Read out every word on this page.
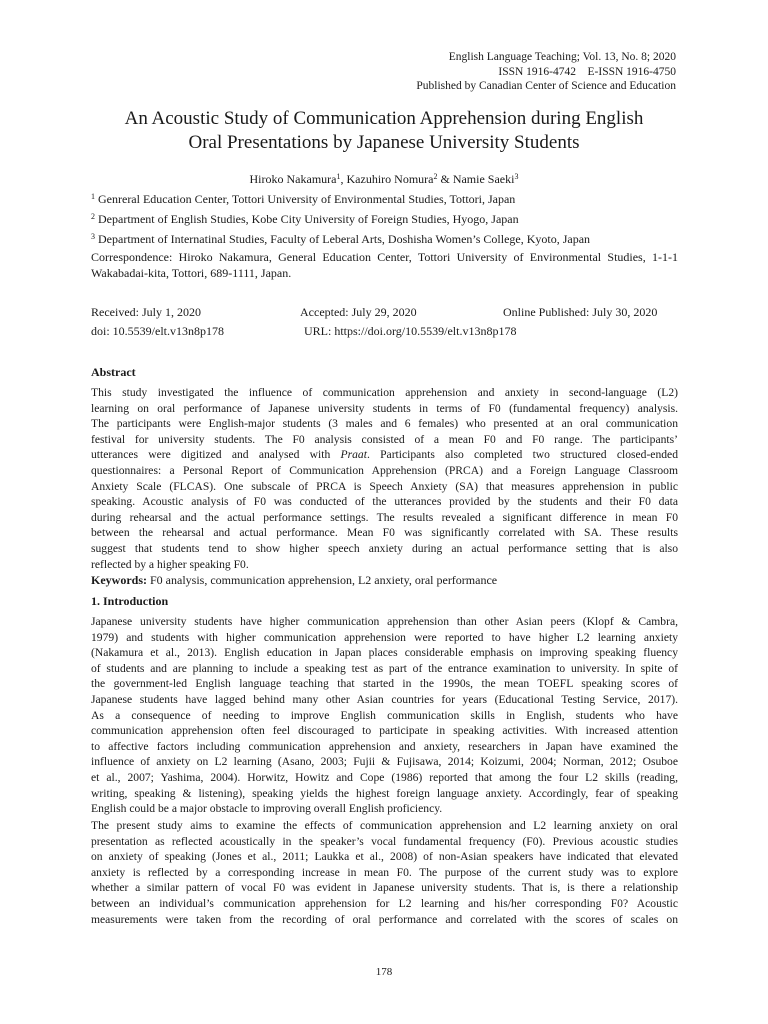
English Language Teaching; Vol. 13, No. 8; 2020
ISSN 1916-4742    E-ISSN 1916-4750
Published by Canadian Center of Science and Education
An Acoustic Study of Communication Apprehension during English
Oral Presentations by Japanese University Students
Hiroko Nakamura$^1$, Kazuhiro Nomura$^2$ & Namie Saeki$^3$
$^1$ Genreral Education Center, Tottori University of Environmental Studies, Tottori, Japan
$^2$ Department of English Studies, Kobe City University of Foreign Studies, Hyogo, Japan
$^3$ Department of Internatinal Studies, Faculty of Leberal Arts, Doshisha Women’s College, Kyoto, Japan
Correspondence: Hiroko Nakamura, General Education Center, Tottori University of Environmental Studies, 1-1-1 Wakabadai-kita, Tottori, 689-1111, Japan.
Received: July 1, 2020	Accepted: July 29, 2020	Online Published: July 30, 2020
doi: 10.5539/elt.v13n8p178	URL: https://doi.org/10.5539/elt.v13n8p178
Abstract
This study investigated the influence of communication apprehension and anxiety in second-language (L2)
learning on oral performance of Japanese university students in terms of F0 (fundamental frequency) analysis.
The participants were English-major students (3 males and 6 females) who presented at an oral communication
festival for university students. The F0 analysis consisted of a mean F0 and F0 range. The participants’
utterances were digitized and analysed with Praat. Participants also completed two structured closed-ended
questionnaires: a Personal Report of Communication Apprehension (PRCA) and a Foreign Language Classroom
Anxiety Scale (FLCAS). One subscale of PRCA is Speech Anxiety (SA) that measures apprehension in public
speaking. Acoustic analysis of F0 was conducted of the utterances provided by the students and their F0 data
during rehearsal and the actual performance settings. The results revealed a significant difference in mean F0
between the rehearsal and actual performance. Mean F0 was significantly correlated with SA. These results
suggest that students tend to show higher speech anxiety during an actual performance setting that is also
reflected by a higher speaking F0.
Keywords: F0 analysis, communication apprehension, L2 anxiety, oral performance
1. Introduction
Japanese university students have higher communication apprehension than other Asian peers (Klopf & Cambra,
1979) and students with higher communication apprehension were reported to have higher L2 learning anxiety
(Nakamura et al., 2013). English education in Japan places considerable emphasis on improving speaking fluency
of students and are planning to include a speaking test as part of the entrance examination to university. In spite of
the government-led English language teaching that started in the 1990s, the mean TOEFL speaking scores of
Japanese students have lagged behind many other Asian countries for years (Educational Testing Service, 2017).
As a consequence of needing to improve English communication skills in English, students who have
communication apprehension often feel discouraged to participate in speaking activities. With increased attention
to affective factors including communication apprehension and anxiety, researchers in Japan have examined the
influence of anxiety on L2 learning (Asano, 2003; Fujii & Fujisawa, 2014; Koizumi, 2004; Norman, 2012; Osuboe
et al., 2007; Yashima, 2004). Horwitz, Howitz and Cope (1986) reported that among the four L2 skills (reading,
writing, speaking & listening), speaking yields the highest foreign language anxiety. Accordingly, fear of speaking
English could be a major obstacle to improving overall English proficiency.
The present study aims to examine the effects of communication apprehension and L2 learning anxiety on oral
presentation as reflected acoustically in the speaker’s vocal fundamental frequency (F0). Previous acoustic studies
on anxiety of speaking (Jones et al., 2011; Laukka et al., 2008) of non-Asian speakers have indicated that elevated
anxiety is reflected by a corresponding increase in mean F0. The purpose of the current study was to explore
whether a similar pattern of vocal F0 was evident in Japanese university students. That is, is there a relationship
between an individual’s communication apprehension for L2 learning and his/her corresponding F0? Acoustic
measurements were taken from the recording of oral performance and correlated with the scores of scales on
178
